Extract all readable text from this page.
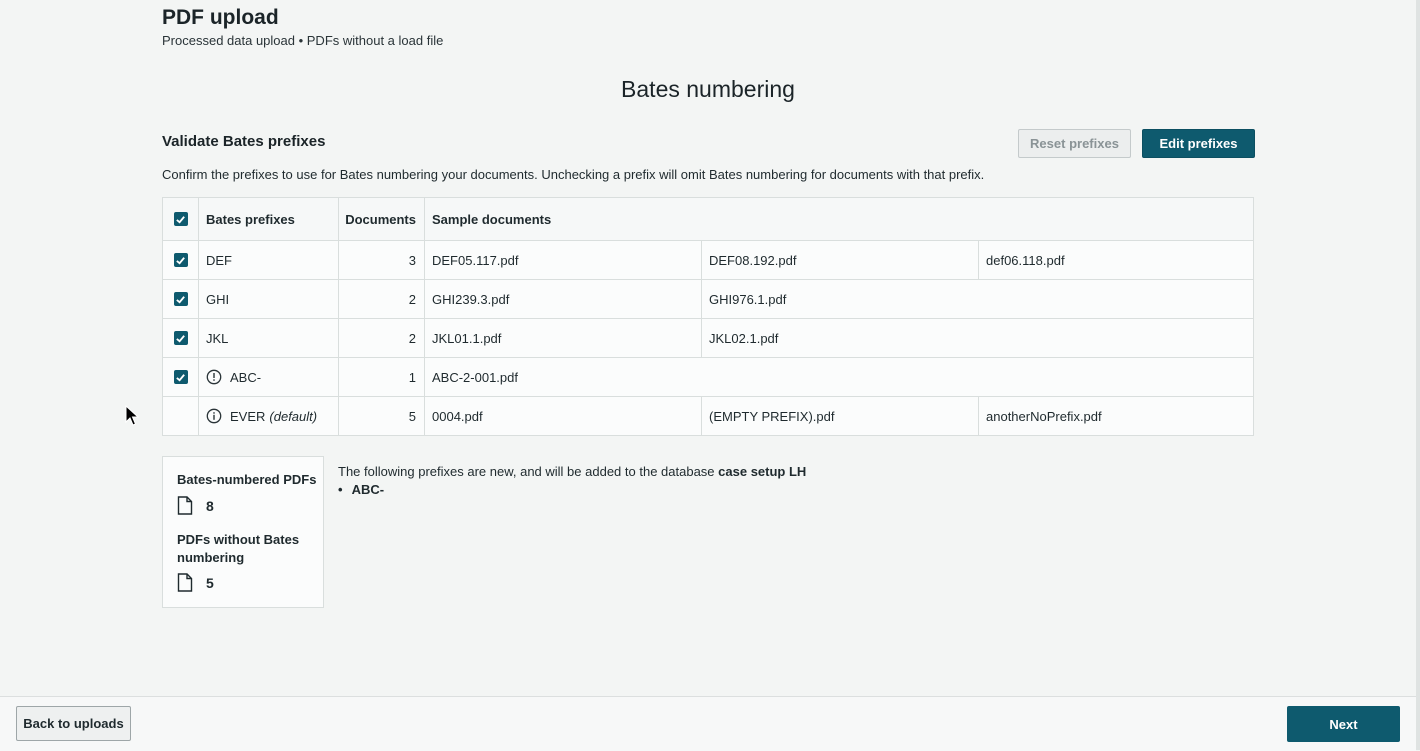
PDF upload
Processed data upload • PDFs without a load file
Bates numbering
Validate Bates prefixes	Reset prefixes	Edit prefixes
Confirm the prefixes to use for Bates numbering your documents. Unchecking a prefix will omit Bates numbering for documents with that prefix.
Bates prefixes	Documents	Sample documents
DEF	3	DEF05.117.pdf	DEF08.192.pdf	def06.118.pdf
GHI	2	GHI239.3.pdf	GHI976.1.pdf
JKL	2	JKL01.1.pdf	JKL02.1.pdf
ABC-	1	ABC-2-001.pdf
EVER (default)	5	0004.pdf	(EMPTY PREFIX).pdf	anotherNoPrefix.pdf
Bates-numbered PDFs
8
PDFs without Bates numbering
5
The following prefixes are new, and will be added to the database case setup LH
• ABC-
Back to uploads	Next
